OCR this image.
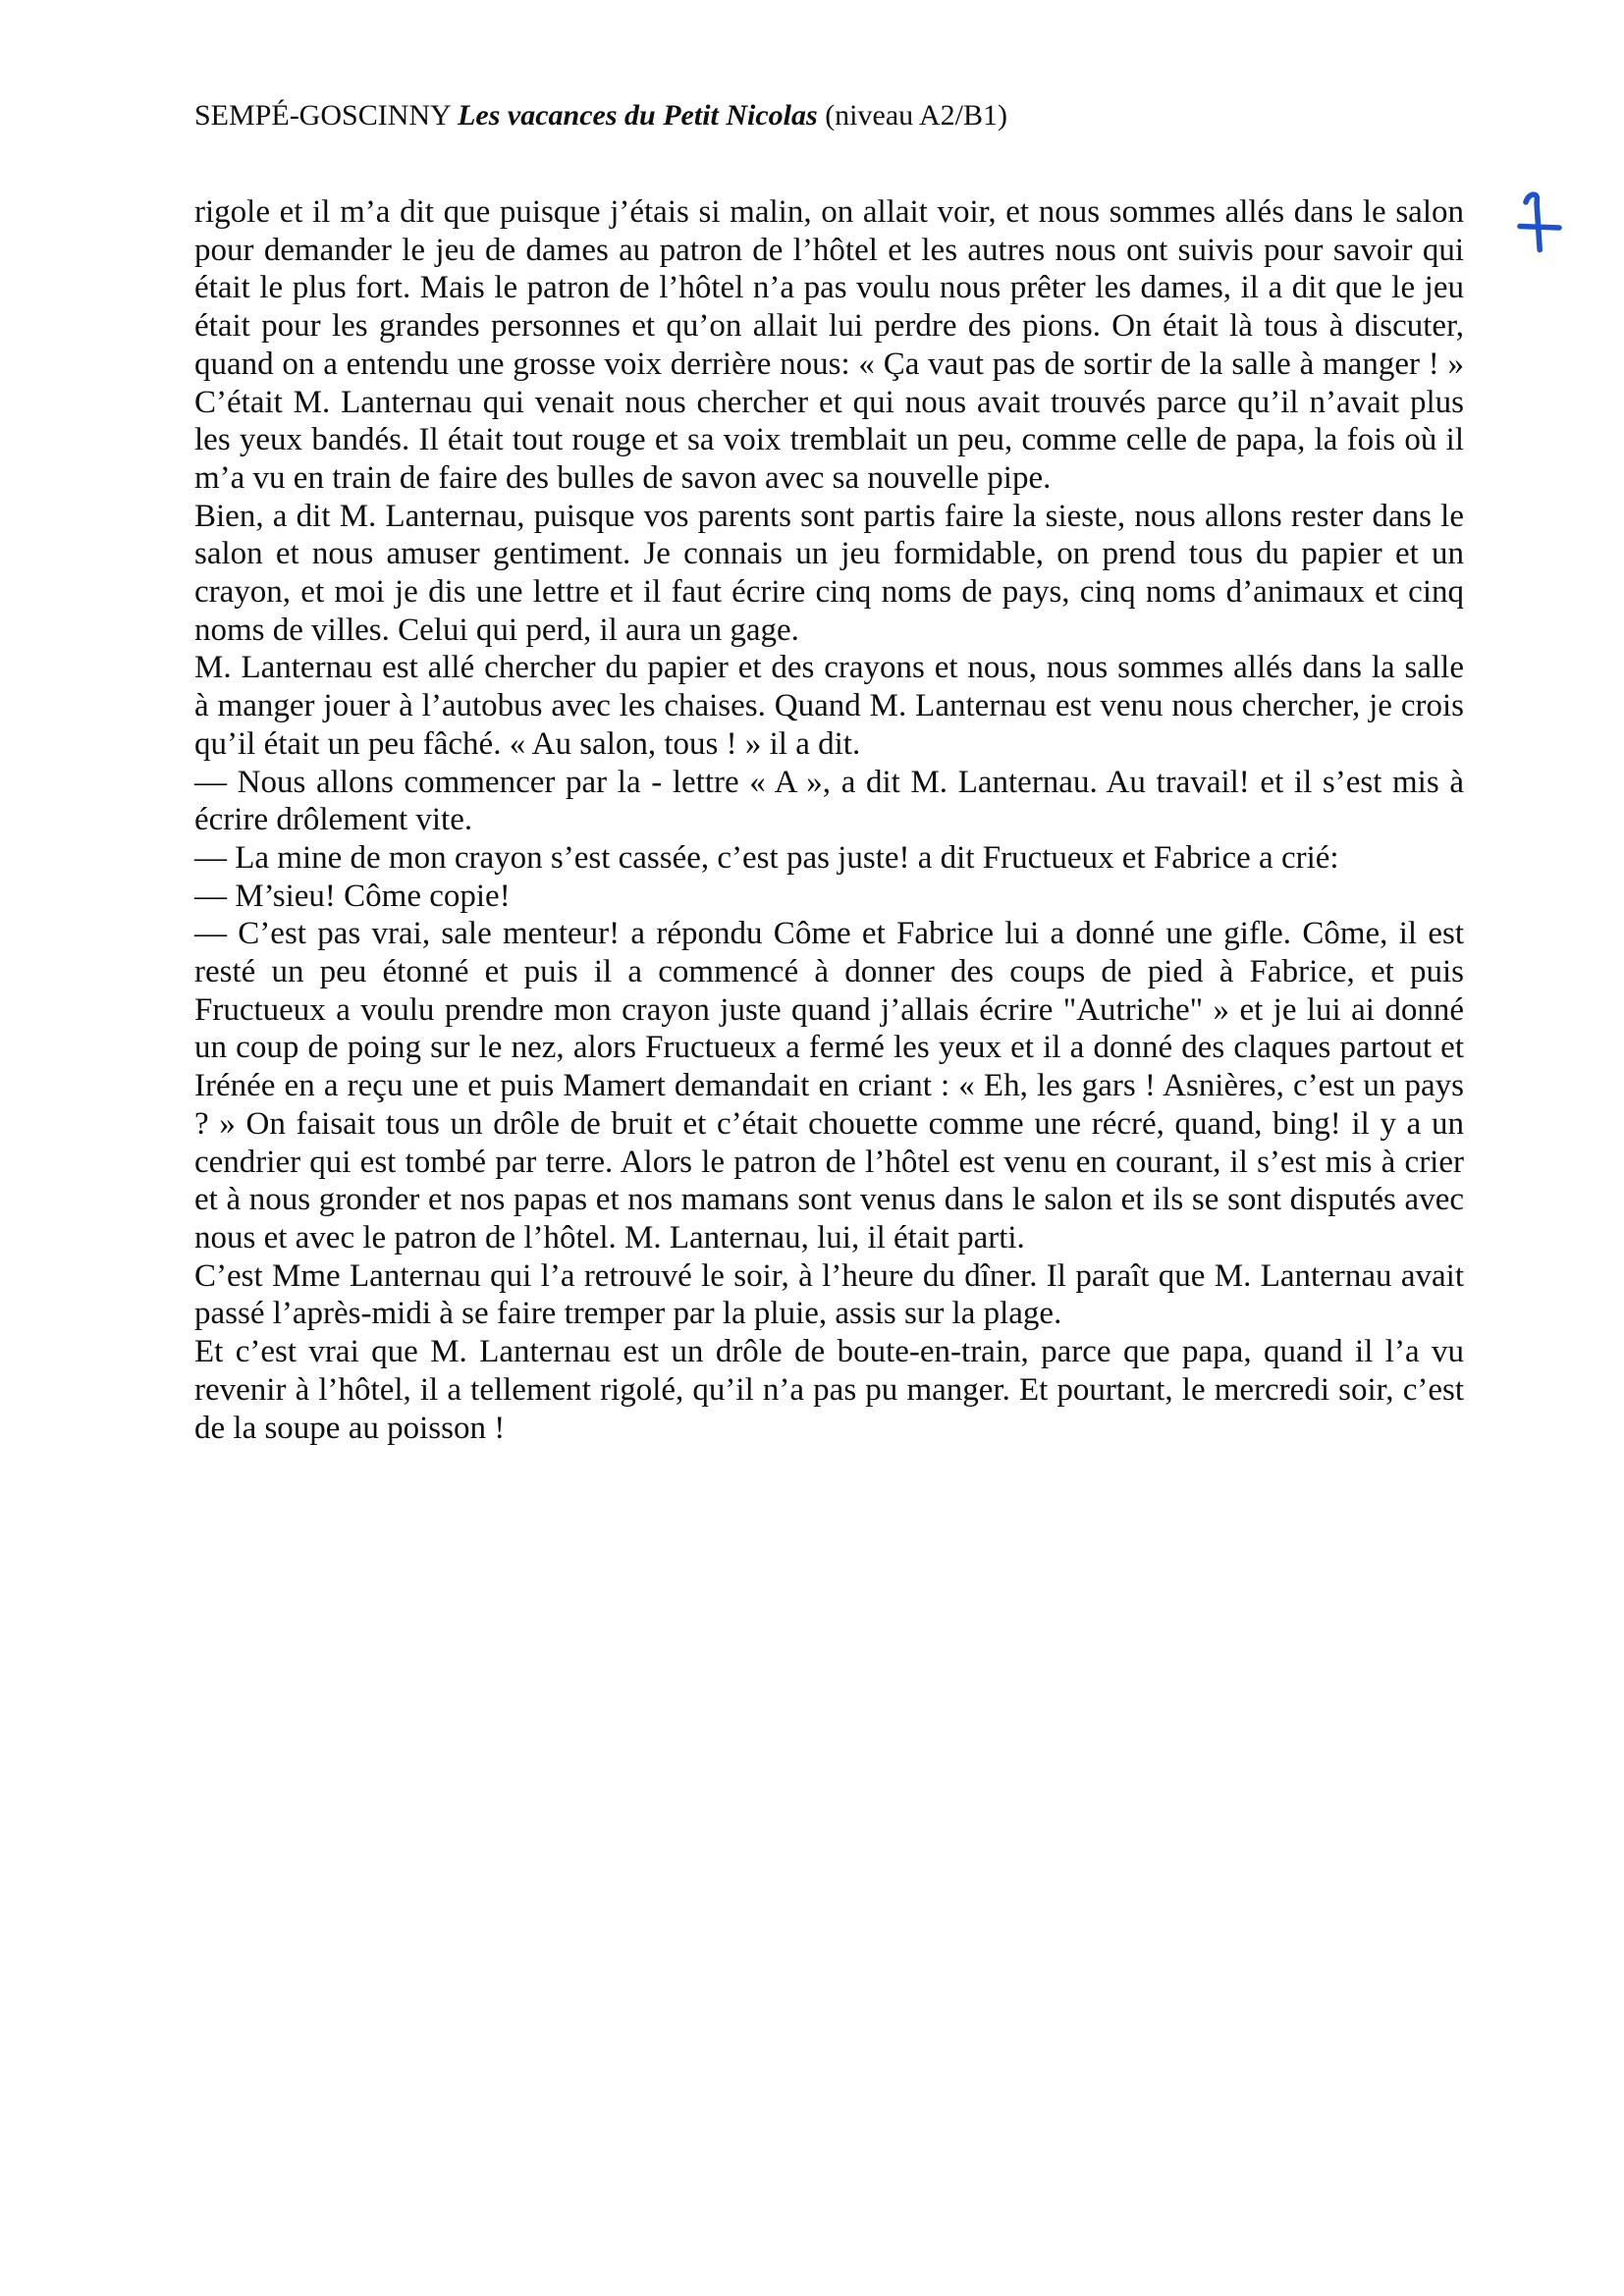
SEMPÉ-GOSCINNY Les vacances du Petit Nicolas (niveau A2/B1)
rigole et il m’a dit que puisque j’étais si malin, on allait voir, et nous sommes allés dans le salon
pour demander le jeu de dames au patron de l’hôtel et les autres nous ont suivis pour savoir qui
était le plus fort. Mais le patron de l’hôtel n’a pas voulu nous prêter les dames, il a dit que le jeu
était pour les grandes personnes et qu’on allait lui perdre des pions. On était là tous à discuter,
quand on a entendu une grosse voix derrière nous: « Ça vaut pas de sortir de la salle à manger ! »
C’était M. Lanternau qui venait nous chercher et qui nous avait trouvés parce qu’il n’avait plus
les yeux bandés. Il était tout rouge et sa voix tremblait un peu, comme celle de papa, la fois où il
m’a vu en train de faire des bulles de savon avec sa nouvelle pipe.
Bien, a dit M. Lanternau, puisque vos parents sont partis faire la sieste, nous allons rester dans le
salon et nous amuser gentiment. Je connais un jeu formidable, on prend tous du papier et un
crayon, et moi je dis une lettre et il faut écrire cinq noms de pays, cinq noms d’animaux et cinq
noms de villes. Celui qui perd, il aura un gage.
M. Lanternau est allé chercher du papier et des crayons et nous, nous sommes allés dans la salle
à manger jouer à l’autobus avec les chaises. Quand M. Lanternau est venu nous chercher, je crois
qu’il était un peu fâché. « Au salon, tous ! » il a dit.
— Nous allons commencer par la - lettre « A », a dit M. Lanternau. Au travail! et il s’est mis à
écrire drôlement vite.
— La mine de mon crayon s’est cassée, c’est pas juste! a dit Fructueux et Fabrice a crié:
— M’sieu! Côme copie!
— C’est pas vrai, sale menteur! a répondu Côme et Fabrice lui a donné une gifle. Côme, il est
resté un peu étonné et puis il a commencé à donner des coups de pied à Fabrice, et puis
Fructueux a voulu prendre mon crayon juste quand j’allais écrire "Autriche" » et je lui ai donné
un coup de poing sur le nez, alors Fructueux a fermé les yeux et il a donné des claques partout et
Irénée en a reçu une et puis Mamert demandait en criant : « Eh, les gars ! Asnières, c’est un pays
? » On faisait tous un drôle de bruit et c’était chouette comme une récré, quand, bing! il y a un
cendrier qui est tombé par terre. Alors le patron de l’hôtel est venu en courant, il s’est mis à crier
et à nous gronder et nos papas et nos mamans sont venus dans le salon et ils se sont disputés avec
nous et avec le patron de l’hôtel. M. Lanternau, lui, il était parti.
C’est Mme Lanternau qui l’a retrouvé le soir, à l’heure du dîner. Il paraît que M. Lanternau avait
passé l’après-midi à se faire tremper par la pluie, assis sur la plage.
Et c’est vrai que M. Lanternau est un drôle de boute-en-train, parce que papa, quand il l’a vu
revenir à l’hôtel, il a tellement rigolé, qu’il n’a pas pu manger. Et pourtant, le mercredi soir, c’est
de la soupe au poisson !
